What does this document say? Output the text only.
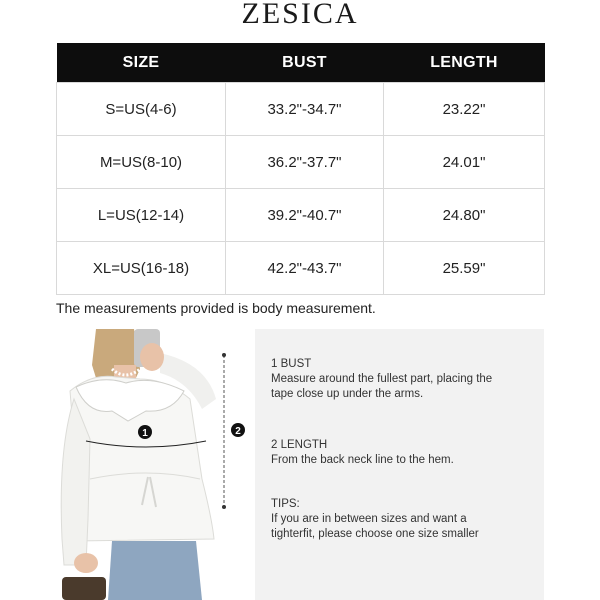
ZESICA
SIZE	BUST	LENGTH
S=US(4-6)	33.2"-34.7"	23.22"
M=US(8-10)	36.2"-37.7"	24.01"
L=US(12-14)	39.2"-40.7"	24.80"
XL=US(16-18)	42.2"-43.7"	25.59"
The measurements provided is body measurement.
1	2
1 BUST
Measure around the fullest part, placing the tape close up under the arms.
2 LENGTH
From the back neck line to the hem.
TIPS:
If you are in between sizes and want a tighterfit, please choose one size smaller
